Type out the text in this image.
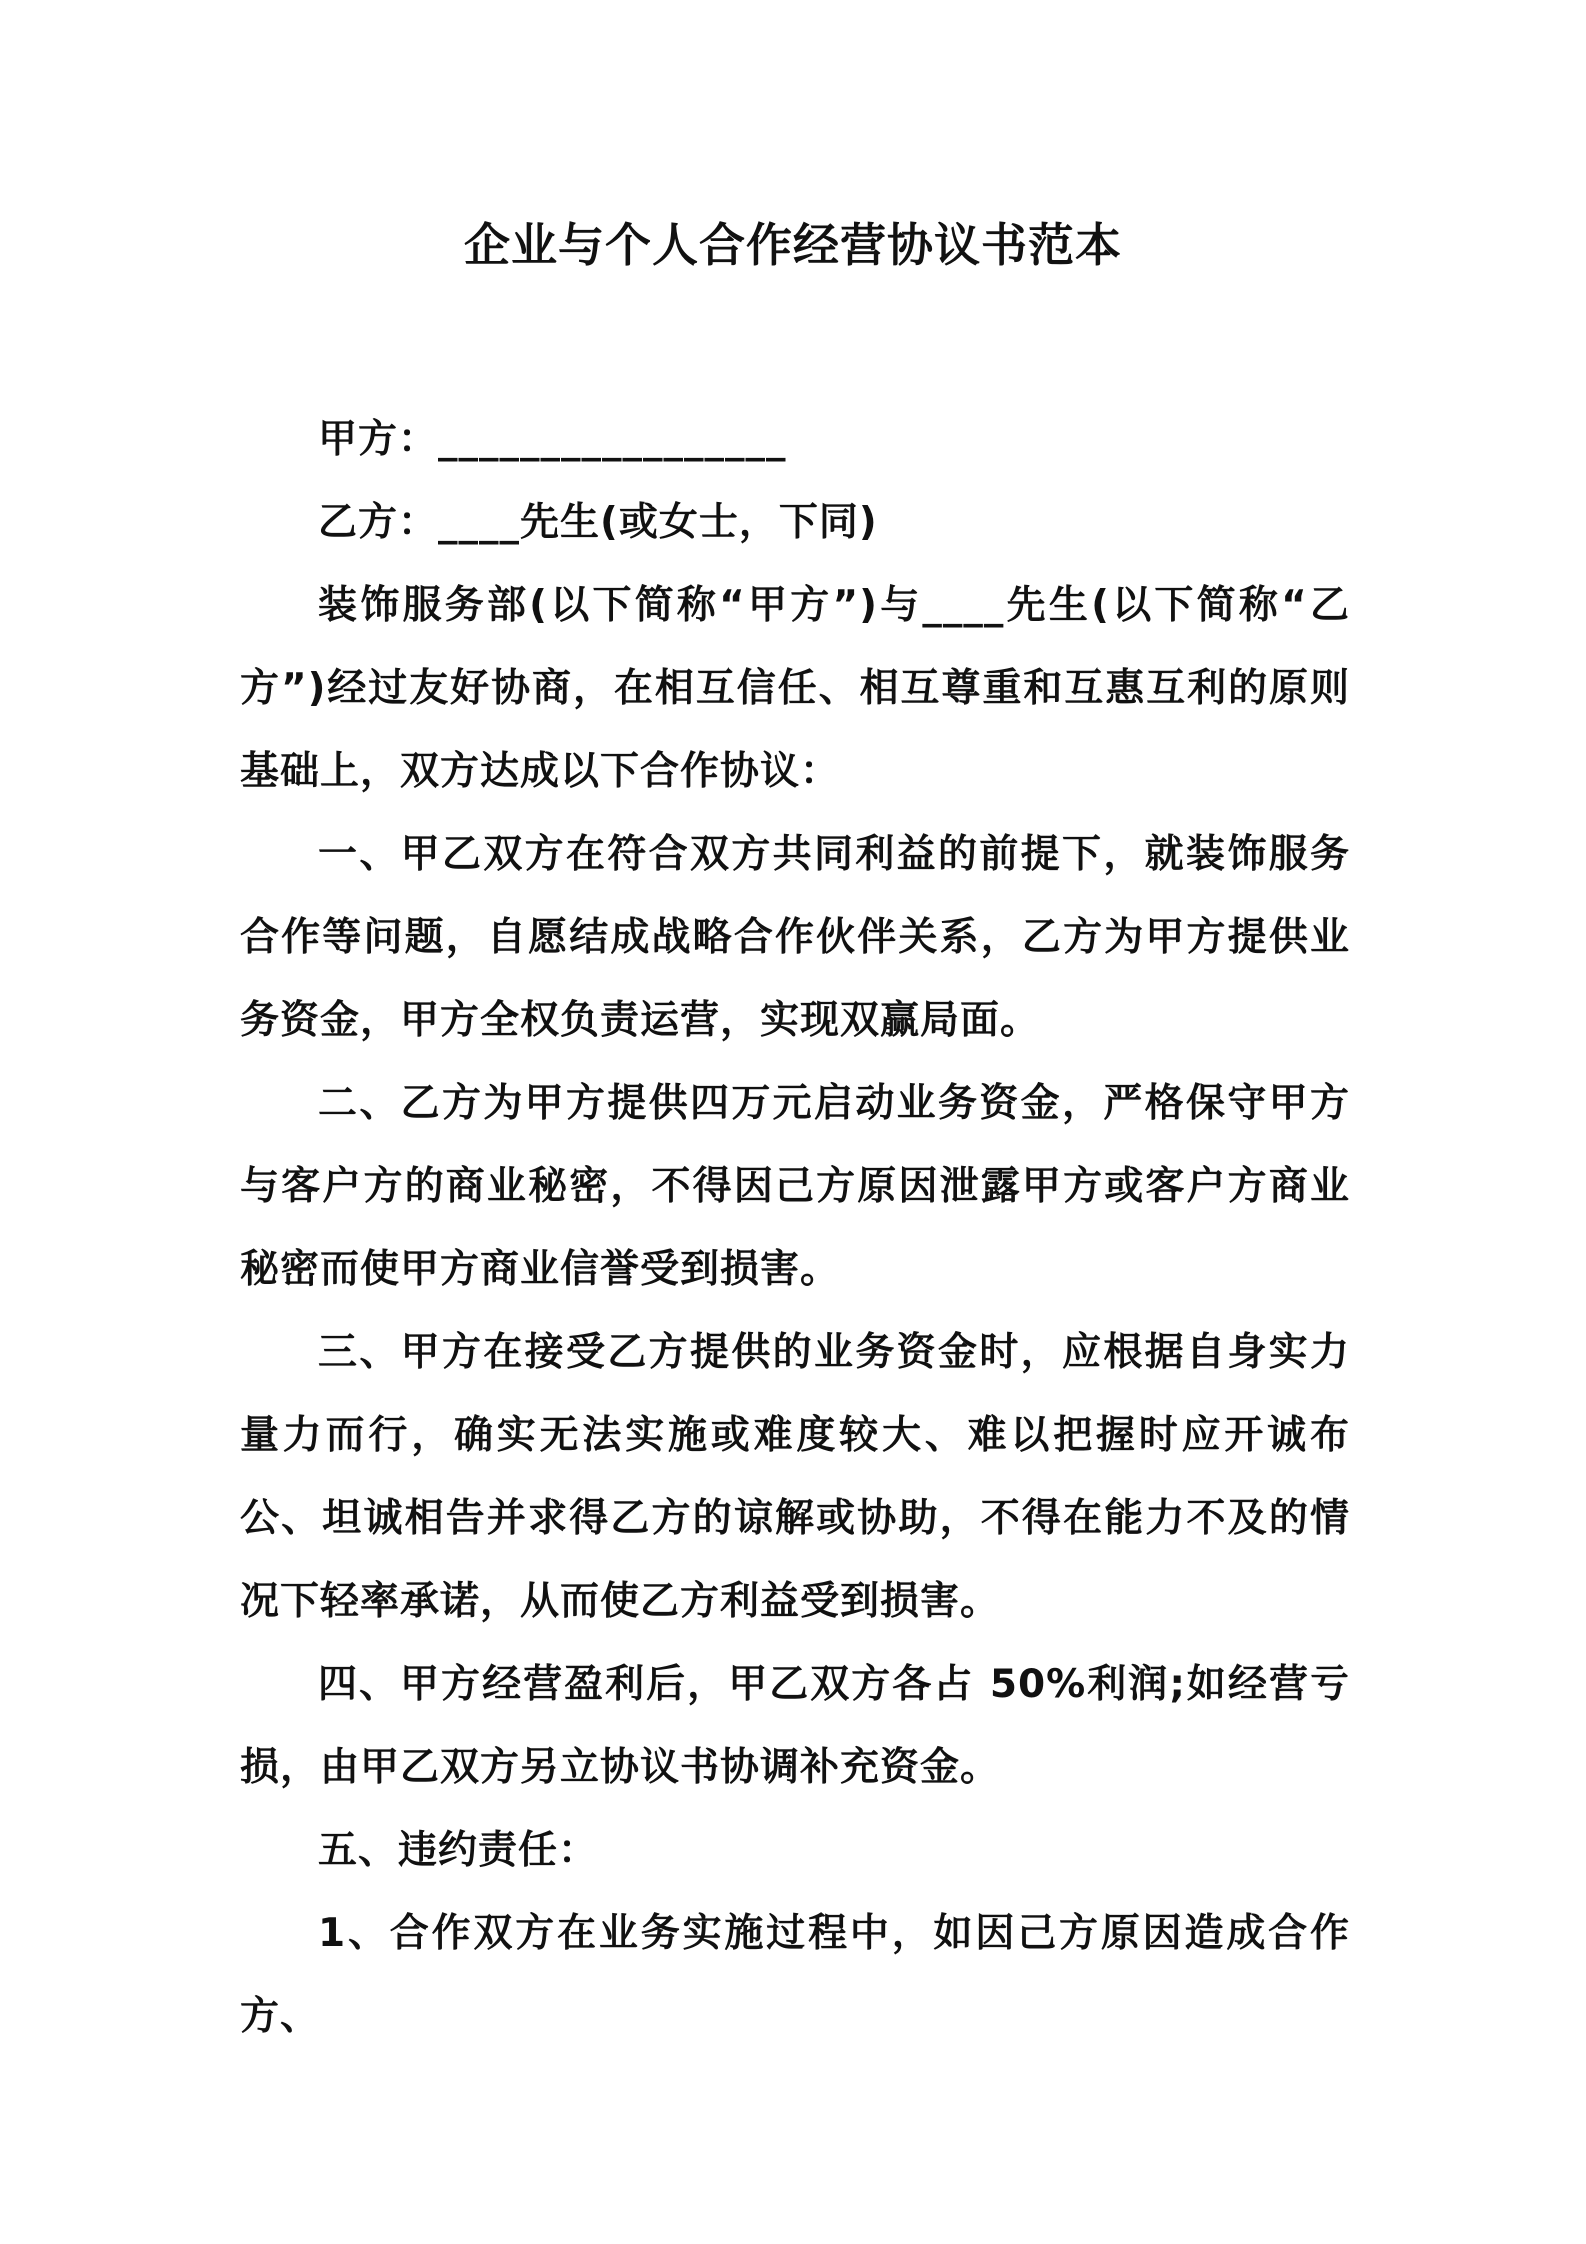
企业与个人合作经营协议书范本

甲方：_________________

乙方：____先生(或女士，下同)

装饰服务部(以下简称“甲方”)与____先生(以下简称“乙方”)经过友好协商，在相互信任、相互尊重和互惠互利的原则基础上，双方达成以下合作协议：

一、甲乙双方在符合双方共同利益的前提下，就装饰服务合作等问题，自愿结成战略合作伙伴关系，乙方为甲方提供业务资金，甲方全权负责运营，实现双赢局面。

二、乙方为甲方提供四万元启动业务资金，严格保守甲方与客户方的商业秘密，不得因己方原因泄露甲方或客户方商业秘密而使甲方商业信誉受到损害。

三、甲方在接受乙方提供的业务资金时，应根据自身实力量力而行，确实无法实施或难度较大、难以把握时应开诚布公、坦诚相告并求得乙方的谅解或协助，不得在能力不及的情况下轻率承诺，从而使乙方利益受到损害。

四、甲方经营盈利后，甲乙双方各占 50%利润;如经营亏损，由甲乙双方另立协议书协调补充资金。

五、违约责任：

1、合作双方在业务实施过程中，如因己方原因造成合作方、
